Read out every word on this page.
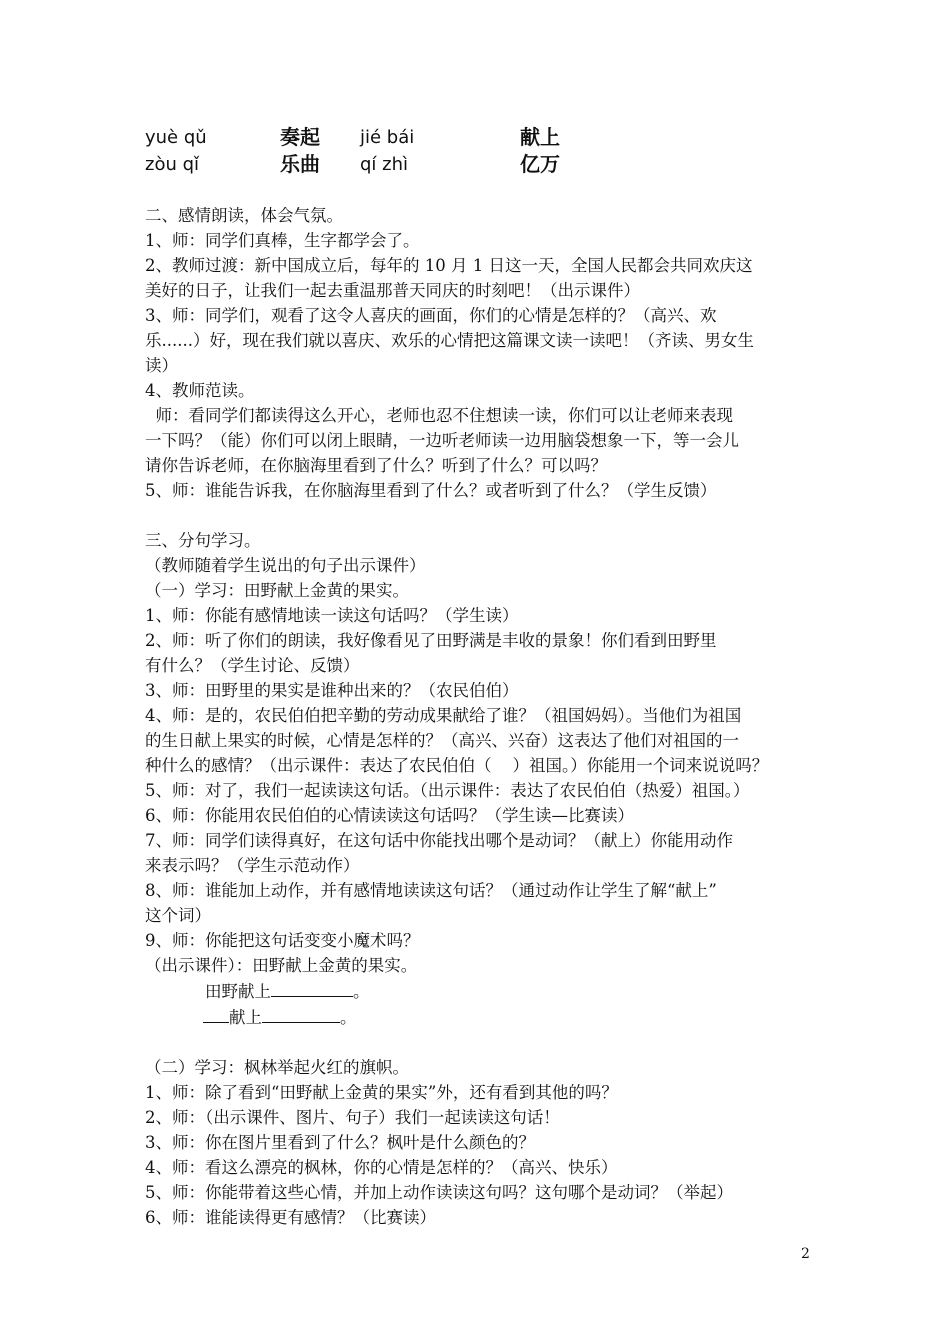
yuè qǔ	奏起	jié bái	献上
zòu qǐ	乐曲	qí zhì	亿万

二、感情朗读，体会气氛。

1、师：同学们真棒，生字都学会了。

2、教师过渡：新中国成立后，每年的 10 月 1 日这一天，全国人民都会共同欢庆这

美好的日子，让我们一起去重温那普天同庆的时刻吧！（出示课件）

3、师：同学们，观看了这令人喜庆的画面，你们的心情是怎样的？（高兴、欢

乐......）好，现在我们就以喜庆、欢乐的心情把这篇课文读一读吧！（齐读、男女生

读）

4、教师范读。

师：看同学们都读得这么开心，老师也忍不住想读一读，你们可以让老师来表现

一下吗？（能）你们可以闭上眼睛，一边听老师读一边用脑袋想象一下，等一会儿

请你告诉老师，在你脑海里看到了什么？听到了什么？可以吗？

5、师：谁能告诉我，在你脑海里看到了什么？或者听到了什么？（学生反馈）

三、分句学习。

（教师随着学生说出的句子出示课件）

（一）学习：田野献上金黄的果实。

1、师：你能有感情地读一读这句话吗？（学生读）

2、师：听了你们的朗读，我好像看见了田野满是丰收的景象！你们看到田野里

有什么？（学生讨论、反馈）

3、师：田野里的果实是谁种出来的？（农民伯伯）

4、师：是的，农民伯伯把辛勤的劳动成果献给了谁？（祖国妈妈）。当他们为祖国

的生日献上果实的时候，心情是怎样的？（高兴、兴奋）这表达了他们对祖国的一

种什么的感情？（出示课件：表达了农民伯伯（    ）祖国。）你能用一个词来说说吗？

5、师：对了，我们一起读读这句话。（出示课件：表达了农民伯伯（热爱）祖国。）

6、师：你能用农民伯伯的心情读读这句话吗？（学生读—比赛读）

7、师：同学们读得真好，在这句话中你能找出哪个是动词？（献上）你能用动作

来表示吗？（学生示范动作）

8、师：谁能加上动作，并有感情地读读这句话？（通过动作让学生了解“献上”

这个词）

9、师：你能把这句话变变小魔术吗？

（出示课件）：田野献上金黄的果实。

田野献上	。

献上	。

（二）学习：枫林举起火红的旗帜。

1、师：除了看到“田野献上金黄的果实”外，还有看到其他的吗？

2、师：（出示课件、图片、句子）我们一起读读这句话！

3、师：你在图片里看到了什么？枫叶是什么颜色的？

4、师：看这么漂亮的枫林，你的心情是怎样的？（高兴、快乐）

5、师：你能带着这些心情，并加上动作读读这句吗？这句哪个是动词？（举起）

6、师：谁能读得更有感情？（比赛读）

2
